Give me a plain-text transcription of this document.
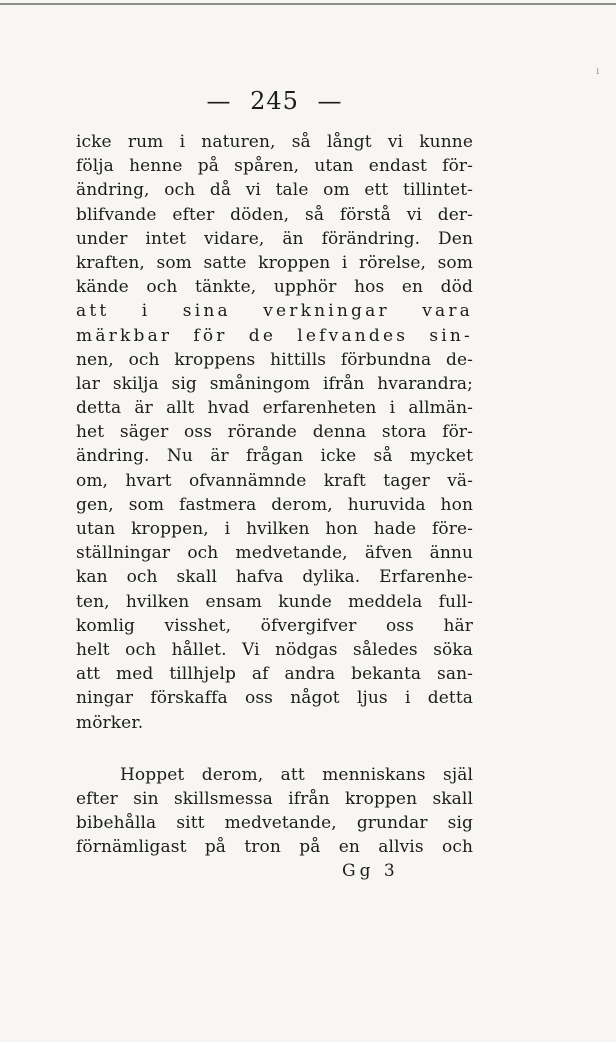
ı
— 245 —
icke rum i naturen, så långt vi kunne
följa henne på spåren, utan endast för-
ändring, och då vi tale om ett tillintet-
blifvande efter döden, så förstå vi der-
under intet vidare, än förändring. Den
kraften, som satte kroppen i rörelse, som
kände och tänkte, upphör hos en död
att i sina verkningar vara
märkbar för de lefvandes sin-
nen, och kroppens hittills förbundna de-
lar skilja sig småningom ifrån hvarandra;
detta är allt hvad erfarenheten i allmän-
het säger oss rörande denna stora för-
ändring. Nu är frågan icke så mycket
om, hvart ofvannämnde kraft tager vä-
gen, som fastmera derom, huruvida hon
utan kroppen, i hvilken hon hade före-
ställningar och medvetande, äfven ännu
kan och skall hafva dylika. Erfarenhe-
ten, hvilken ensam kunde meddela full-
komlig visshet, öfvergifver oss här
helt och hållet. Vi nödgas således söka
att med tillhjelp af andra bekanta san-
ningar förskaffa oss något ljus i detta
mörker.
Hoppet derom, att menniskans själ
efter sin skillsmessa ifrån kroppen skall
bibehålla sitt medvetande, grundar sig
förnämligast på tron på en allvis och
Gg 3
